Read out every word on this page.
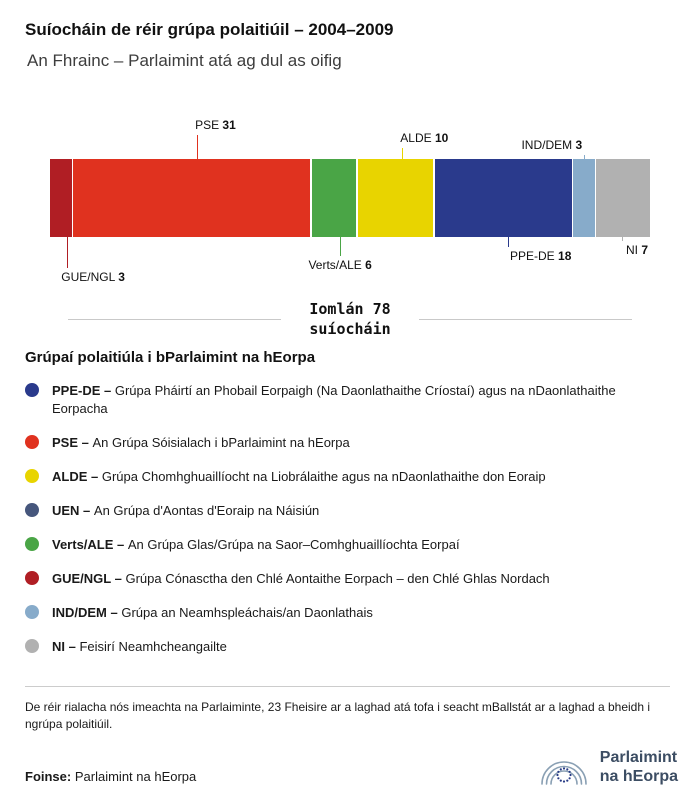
Suíocháin de réir grúpa polaitiúil – 2004–2009
An Fhrainc – Parlaimint atá ag dul as oifig
GUE/NGL 3
PSE 31
Verts/ALE 6
ALDE 10
PPE-DE 18
IND/DEM 3
NI 7
Iomlán 78
suíocháin
Grúpaí polaitiúla i bParlaimint na hEorpa
PPE-DE – Grúpa Pháirtí an Phobail Eorpaigh (Na Daonlathaithe Críostaí) agus na nDaonlathaithe Eorpacha
PSE – An Grúpa Sóisialach i bParlaimint na hEorpa
ALDE – Grúpa Chomhghuaillíocht na Liobrálaithe agus na nDaonlathaithe don Eoraip
UEN – An Grúpa d'Aontas d'Eoraip na Náisiún
Verts/ALE – An Grúpa Glas/Grúpa na Saor–Comhghuaillíochta Eorpaí
GUE/NGL – Grúpa Cónasctha den Chlé Aontaithe Eorpach – den Chlé Ghlas Nordach
IND/DEM – Grúpa an Neamhspleáchais/an Daonlathais
NI – Feisirí Neamhcheangailte
De réir rialacha nós imeachta na Parlaiminte, 23 Fheisire ar a laghad atá tofa i seacht mBallstát ar a laghad a bheidh i ngrúpa polaitiúil.
Foinse: Parlaimint na hEorpa
Parlaimint
na hEorpa
